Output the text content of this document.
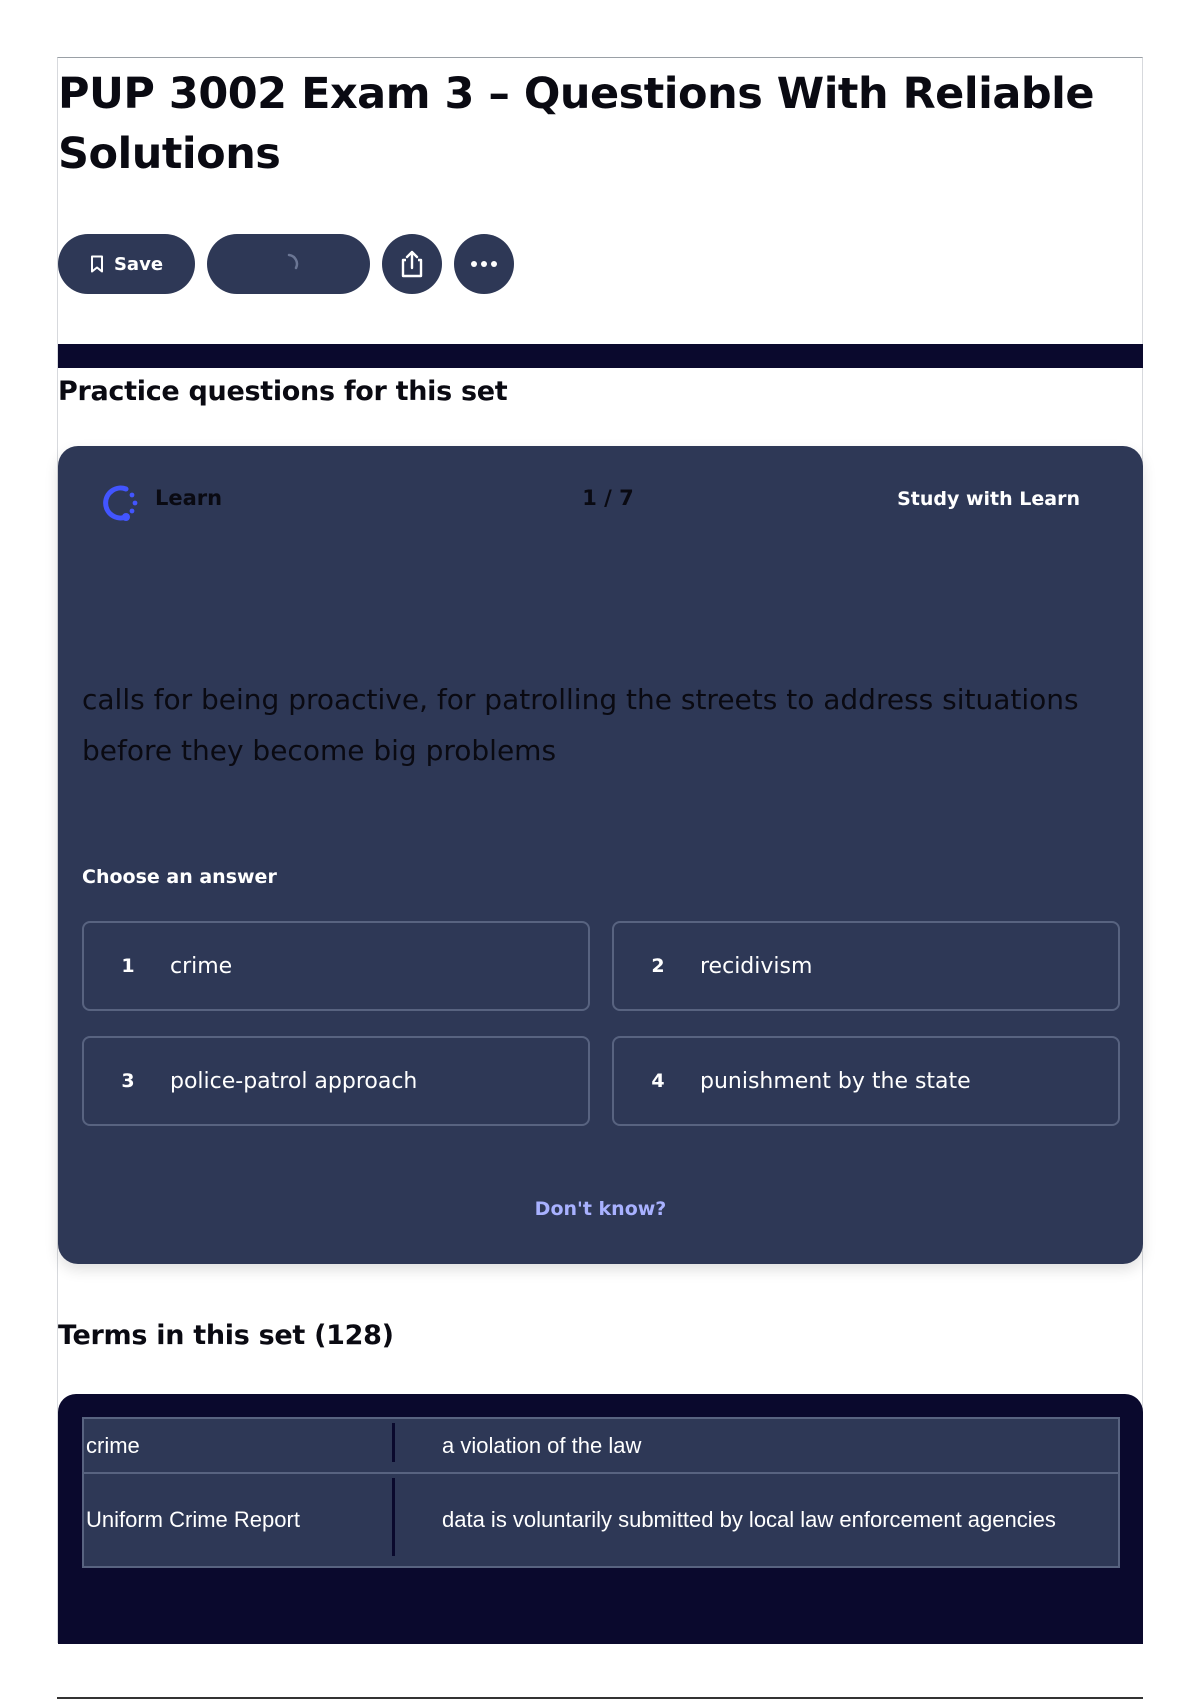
PUP 3002 Exam 3 – Questions With Reliable Solutions
Save
Practice questions for this set
Learn	1 / 7	Study with Learn

calls for being proactive, for patrolling the streets to address situations before they become big problems

Choose an answer
1	crime	2	recidivism
3	police-patrol approach	4	punishment by the state
Don't know?
Terms in this set (128)
crime	a violation of the law
Uniform Crime Report	data is voluntarily submitted by local law enforcement agencies
